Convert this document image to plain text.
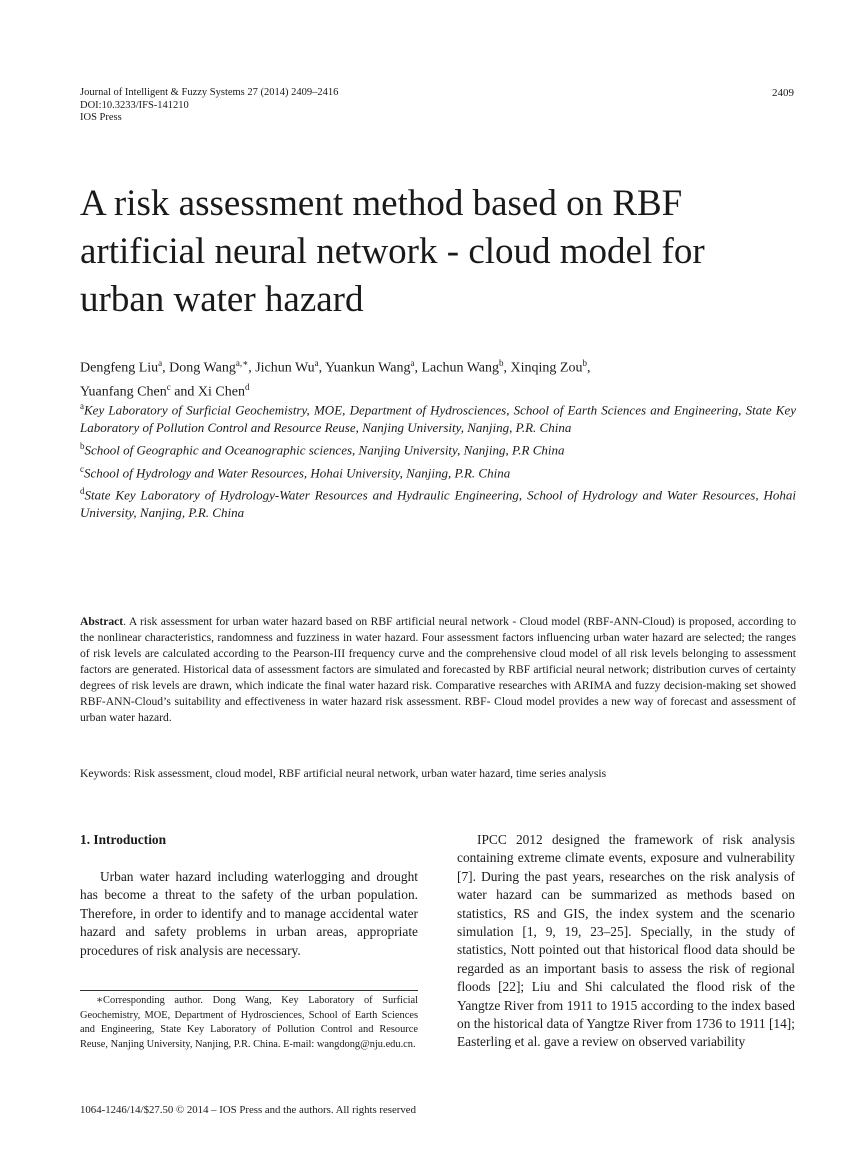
Journal of Intelligent & Fuzzy Systems 27 (2014) 2409–2416
DOI:10.3233/IFS-141210
IOS Press
2409
A risk assessment method based on RBF artificial neural network - cloud model for urban water hazard
Dengfeng Liu$^a$, Dong Wang$^{a,∗}$, Jichun Wu$^a$, Yuankun Wang$^a$, Lachun Wang$^b$, Xinqing Zou$^b$,
Yuanfang Chen$^c$ and Xi Chen$^d$

$^a$Key Laboratory of Surficial Geochemistry, MOE, Department of Hydrosciences, School of Earth Sciences and Engineering, State Key Laboratory of Pollution Control and Resource Reuse, Nanjing University, Nanjing, P.R. China

$^b$School of Geographic and Oceanographic sciences, Nanjing University, Nanjing, P.R China

$^c$School of Hydrology and Water Resources, Hohai University, Nanjing, P.R. China

$^d$State Key Laboratory of Hydrology-Water Resources and Hydraulic Engineering, School of Hydrology and Water Resources, Hohai University, Nanjing, P.R. China

Abstract. A risk assessment for urban water hazard based on RBF artificial neural network - Cloud model (RBF-ANN-Cloud) is proposed, according to the nonlinear characteristics, randomness and fuzziness in water hazard. Four assessment factors influencing urban water hazard are selected; the ranges of risk levels are calculated according to the Pearson-III frequency curve and the comprehensive cloud model of all risk levels belonging to assessment factors are generated. Historical data of assessment factors are simulated and forecasted by RBF artificial neural network; distribution curves of certainty degrees of risk levels are drawn, which indicate the final water hazard risk. Comparative researches with ARIMA and fuzzy decision-making set showed RBF-ANN-Cloud’s suitability and effectiveness in water hazard risk assessment. RBF- Cloud model provides a new way of forecast and assessment of urban water hazard.

Keywords: Risk assessment, cloud model, RBF artificial neural network, urban water hazard, time series analysis

1. Introduction

Urban water hazard including waterlogging and drought has become a threat to the safety of the urban population. Therefore, in order to identify and to manage accidental water hazard and safety problems in urban areas, appropriate procedures of risk analysis are necessary.

IPCC 2012 designed the framework of risk analysis containing extreme climate events, exposure and vulnerability [7]. During the past years, researches on the risk analysis of water hazard can be summarized as methods based on statistics, RS and GIS, the index system and the scenario simulation [1, 9, 19, 23–25]. Specially, in the study of statistics, Nott pointed out that historical flood data should be regarded as an important basis to assess the risk of regional floods [22]; Liu and Shi calculated the flood risk of the Yangtze River from 1911 to 1915 according to the index based on the historical data of Yangtze River from 1736 to 1911 [14]; Easterling et al. gave a review on observed variability

∗Corresponding author. Dong Wang, Key Laboratory of Surficial Geochemistry, MOE, Department of Hydrosciences, School of Earth Sciences and Engineering, State Key Laboratory of Pollution Control and Resource Reuse, Nanjing University, Nanjing, P.R. China. E-mail: wangdong@nju.edu.cn.

1064-1246/14/$27.50 © 2014 – IOS Press and the authors. All rights reserved
